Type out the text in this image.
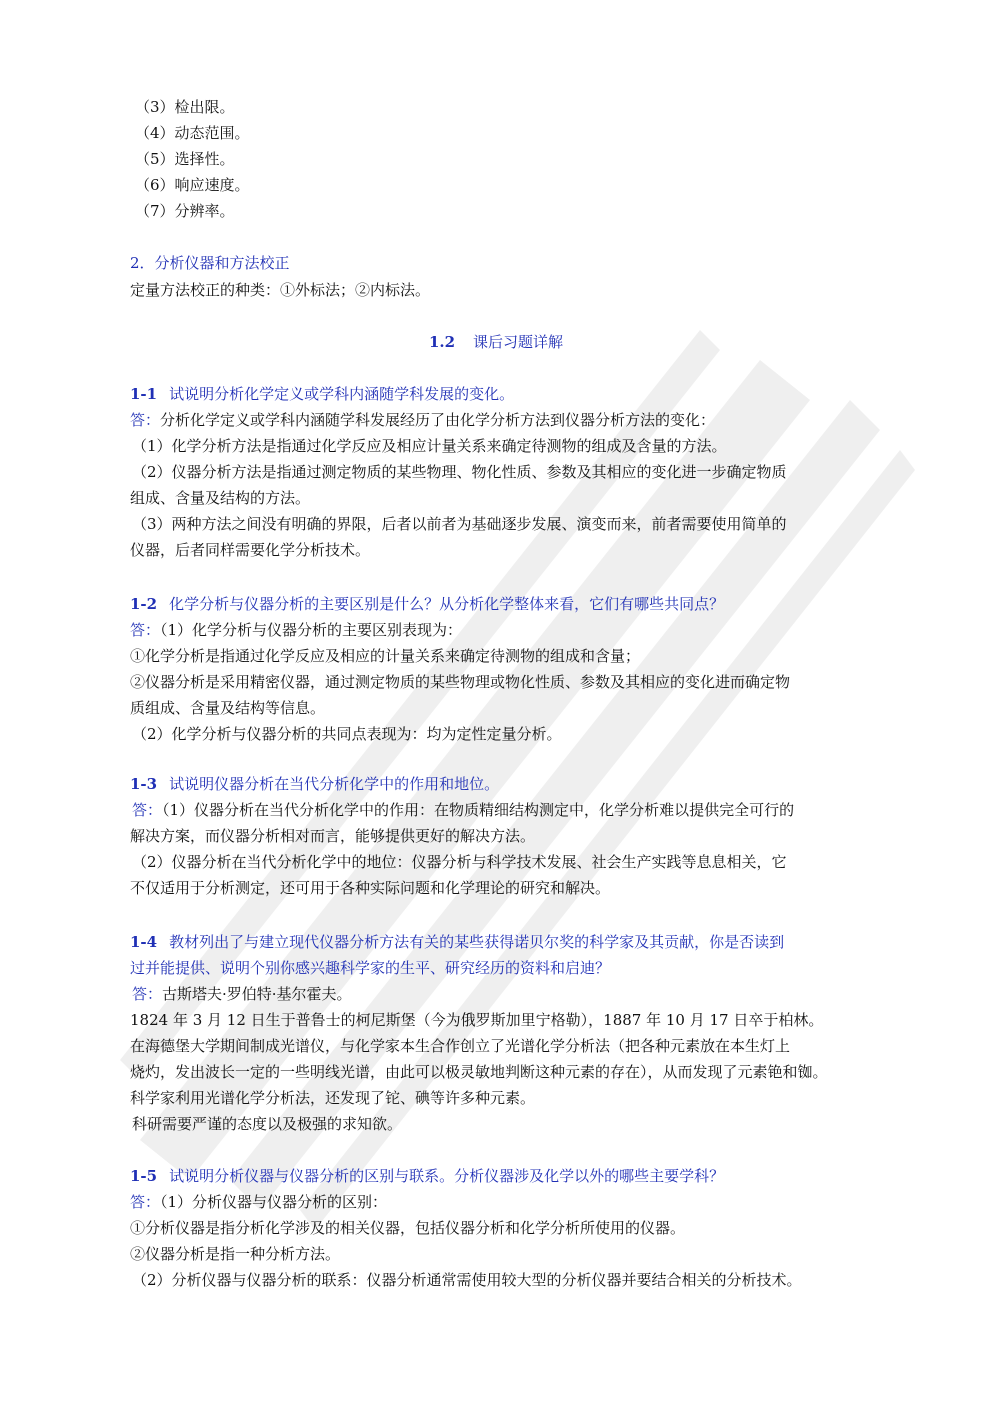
（3）检出限。
（4）动态范围。
（5）选择性。
（6）响应速度。
（7）分辨率。
2．分析仪器和方法校正
定量方法校正的种类：①外标法；②内标法。
1.2 课后习题详解
1-1 试说明分析化学定义或学科内涵随学科发展的变化。
答：分析化学定义或学科内涵随学科发展经历了由化学分析方法到仪器分析方法的变化：
（1）化学分析方法是指通过化学反应及相应计量关系来确定待测物的组成及含量的方法。
（2）仪器分析方法是指通过测定物质的某些物理、物化性质、参数及其相应的变化进一步确定物质
组成、含量及结构的方法。
（3）两种方法之间没有明确的界限，后者以前者为基础逐步发展、演变而来，前者需要使用简单的
仪器，后者同样需要化学分析技术。
1-2 化学分析与仪器分析的主要区别是什么？从分析化学整体来看，它们有哪些共同点？
答：（1）化学分析与仪器分析的主要区别表现为：
①化学分析是指通过化学反应及相应的计量关系来确定待测物的组成和含量；
②仪器分析是采用精密仪器，通过测定物质的某些物理或物化性质、参数及其相应的变化进而确定物
质组成、含量及结构等信息。
（2）化学分析与仪器分析的共同点表现为：均为定性定量分析。
1-3 试说明仪器分析在当代分析化学中的作用和地位。
答：（1）仪器分析在当代分析化学中的作用：在物质精细结构测定中，化学分析难以提供完全可行的
解决方案，而仪器分析相对而言，能够提供更好的解决方法。
（2）仪器分析在当代分析化学中的地位：仪器分析与科学技术发展、社会生产实践等息息相关，它
不仅适用于分析测定，还可用于各种实际问题和化学理论的研究和解决。
1-4 教材列出了与建立现代仪器分析方法有关的某些获得诺贝尔奖的科学家及其贡献，你是否读到
过并能提供、说明个别你感兴趣科学家的生平、研究经历的资料和启迪？
答：古斯塔夫·罗伯特·基尔霍夫。
1824 年 3 月 12 日生于普鲁士的柯尼斯堡（今为俄罗斯加里宁格勒），1887 年 10 月 17 日卒于柏林。
在海德堡大学期间制成光谱仪，与化学家本生合作创立了光谱化学分析法（把各种元素放在本生灯上
烧灼，发出波长一定的一些明线光谱，由此可以极灵敏地判断这种元素的存在），从而发现了元素铯和铷。
科学家利用光谱化学分析法，还发现了铊、碘等许多种元素。
科研需要严谨的态度以及极强的求知欲。
1-5 试说明分析仪器与仪器分析的区别与联系。分析仪器涉及化学以外的哪些主要学科？
答：（1）分析仪器与仪器分析的区别：
①分析仪器是指分析化学涉及的相关仪器，包括仪器分析和化学分析所使用的仪器。
②仪器分析是指一种分析方法。
（2）分析仪器与仪器分析的联系：仪器分析通常需使用较大型的分析仪器并要结合相关的分析技术。
